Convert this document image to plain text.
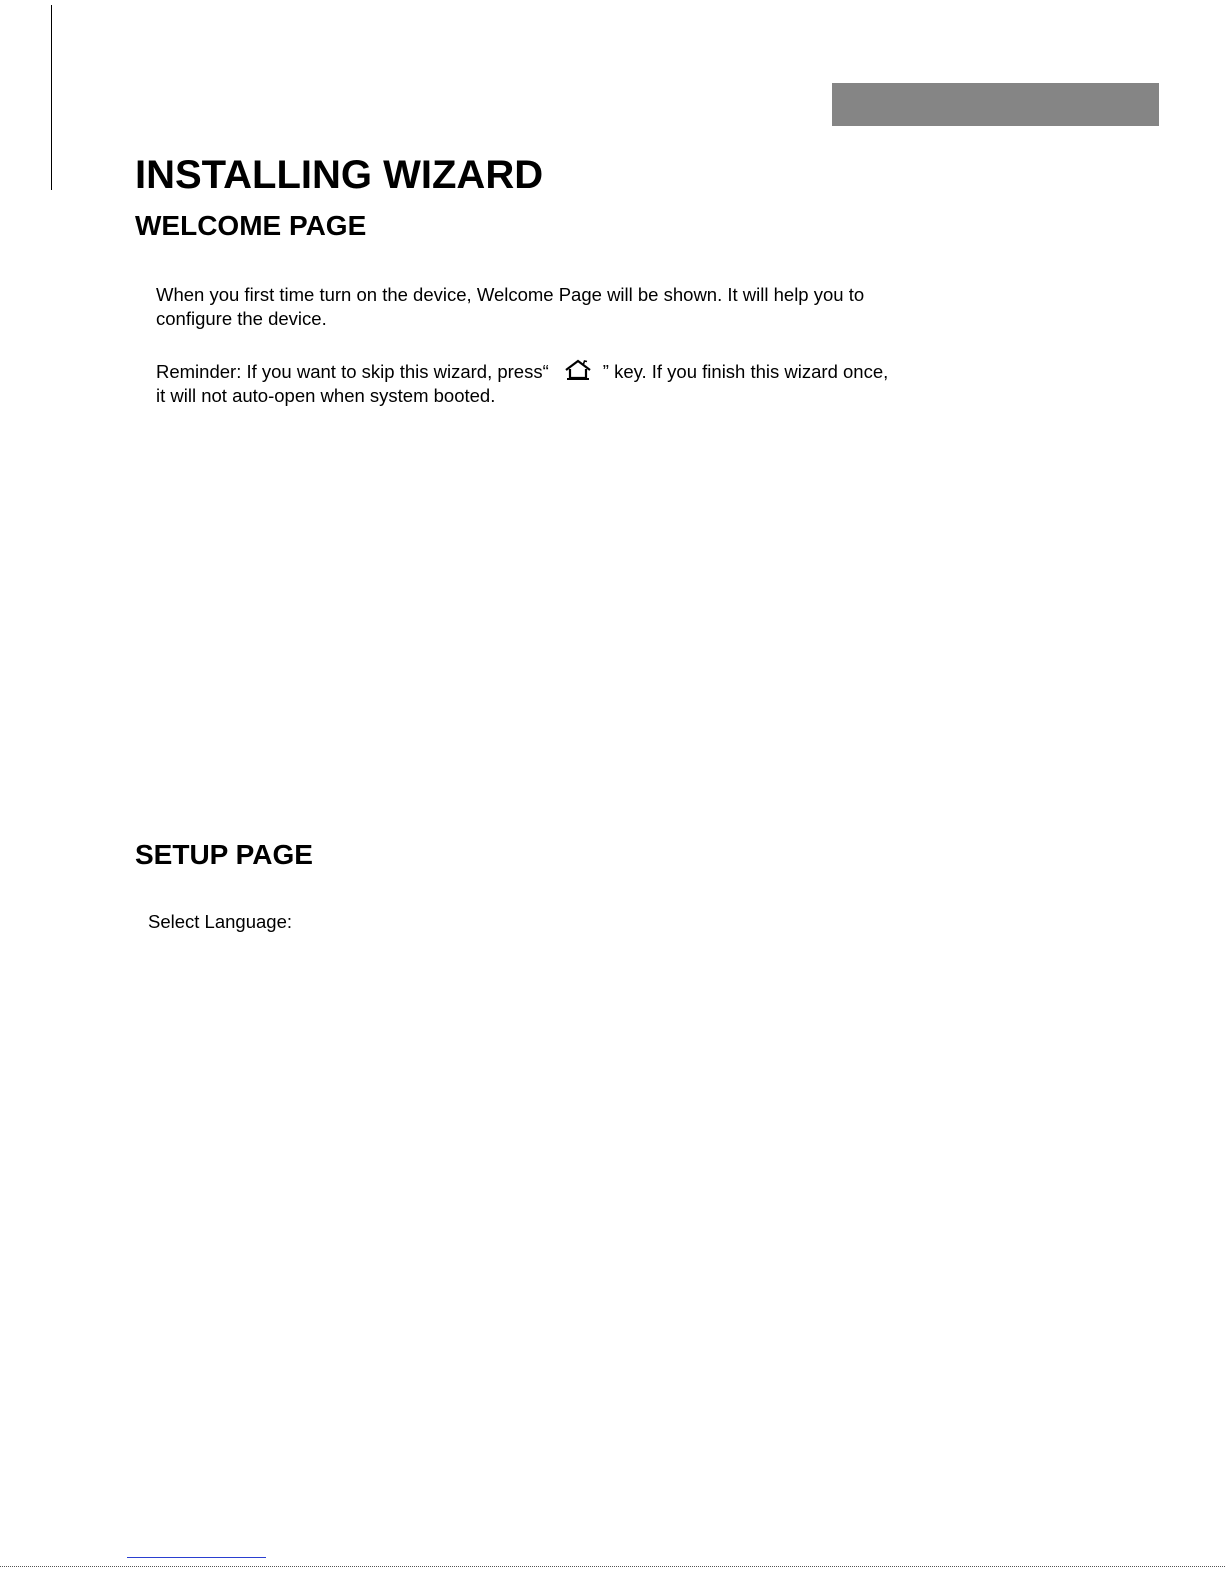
INSTALLING WIZARD
WELCOME PAGE

When you first time turn on the device, Welcome Page will be shown. It will help you to
configure the device.

Reminder: If you want to skip this wizard, press“	” key. If you finish this wizard once,
it will not auto-open when system booted.

SETUP PAGE

Select Language:
